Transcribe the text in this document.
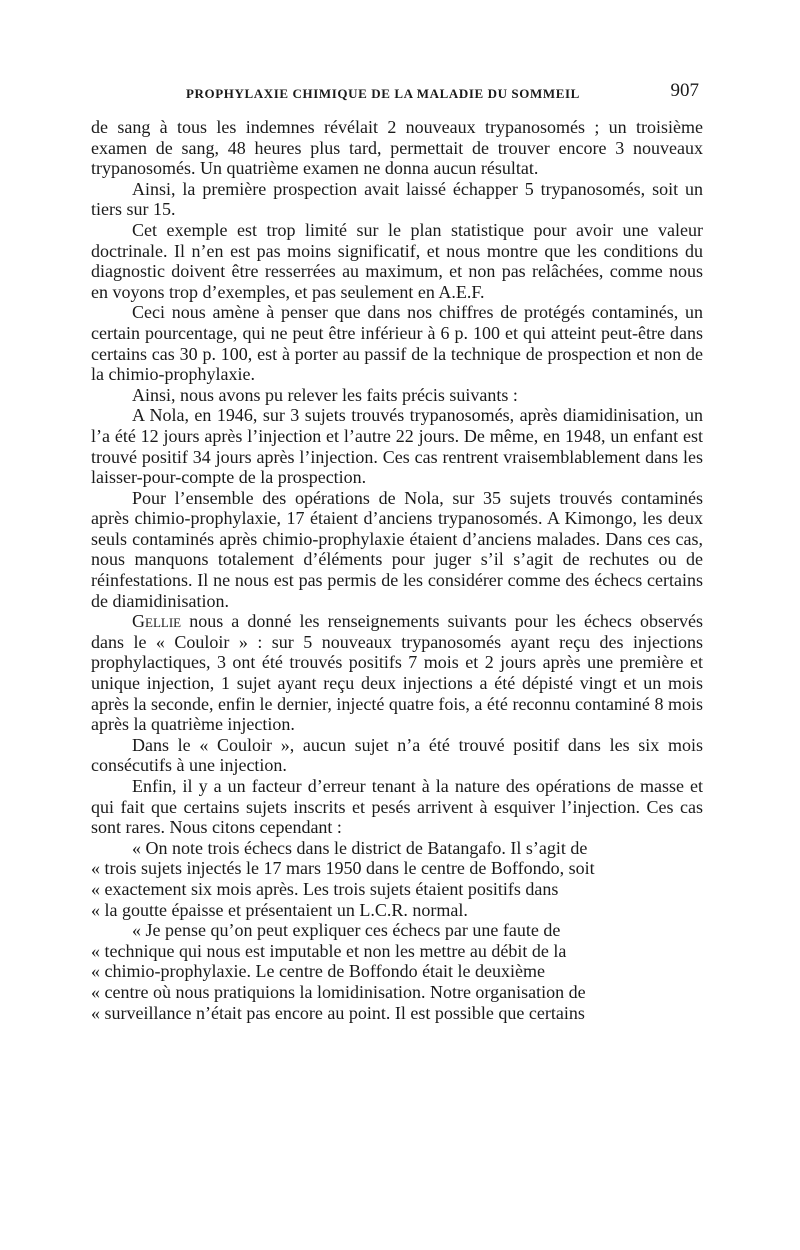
PROPHYLAXIE CHIMIQUE DE LA MALADIE DU SOMMEIL	907

de sang à tous les indemnes révélait 2 nouveaux trypanosomés ; un troisième examen de sang, 48 heures plus tard, permettait de trouver encore 3 nouveaux trypanosomés. Un quatrième examen ne donna aucun résultat.

Ainsi, la première prospection avait laissé échapper 5 trypanosomés, soit un tiers sur 15.

Cet exemple est trop limité sur le plan statistique pour avoir une valeur doctrinale. Il n’en est pas moins significatif, et nous montre que les conditions du diagnostic doivent être resserrées au maximum, et non pas relâchées, comme nous en voyons trop d’exemples, et pas seulement en A.E.F.

Ceci nous amène à penser que dans nos chiffres de protégés contaminés, un certain pourcentage, qui ne peut être inférieur à 6 p. 100 et qui atteint peut-être dans certains cas 30 p. 100, est à porter au passif de la technique de prospection et non de la chimio-prophylaxie.

Ainsi, nous avons pu relever les faits précis suivants :

A Nola, en 1946, sur 3 sujets trouvés trypanosomés, après diamidinisation, un l’a été 12 jours après l’injection et l’autre 22 jours. De même, en 1948, un enfant est trouvé positif 34 jours après l’injection. Ces cas rentrent vraisemblablement dans les laisser-pour-compte de la prospection.

Pour l’ensemble des opérations de Nola, sur 35 sujets trouvés contaminés après chimio-prophylaxie, 17 étaient d’anciens trypanosomés. A Kimongo, les deux seuls contaminés après chimio-prophylaxie étaient d’anciens malades. Dans ces cas, nous manquons totalement d’éléments pour juger s’il s’agit de rechutes ou de réinfestations. Il ne nous est pas permis de les considérer comme des échecs certains de diamidinisation.

Gellie nous a donné les renseignements suivants pour les échecs observés dans le « Couloir » : sur 5 nouveaux trypanosomés ayant reçu des injections prophylactiques, 3 ont été trouvés positifs 7 mois et 2 jours après une première et unique injection, 1 sujet ayant reçu deux injections a été dépisté vingt et un mois après la seconde, enfin le dernier, injecté quatre fois, a été reconnu contaminé 8 mois après la quatrième injection.

Dans le « Couloir », aucun sujet n’a été trouvé positif dans les six mois consécutifs à une injection.

Enfin, il y a un facteur d’erreur tenant à la nature des opérations de masse et qui fait que certains sujets inscrits et pesés arrivent à esquiver l’injection. Ces cas sont rares. Nous citons cependant :

« On note trois échecs dans le district de Batangafo. Il s’agit de

« trois sujets injectés le 17 mars 1950 dans le centre de Boffondo, soit

« exactement six mois après. Les trois sujets étaient positifs dans

« la goutte épaisse et présentaient un L.C.R. normal.

« Je pense qu’on peut expliquer ces échecs par une faute de

« technique qui nous est imputable et non les mettre au débit de la

« chimio-prophylaxie. Le centre de Boffondo était le deuxième

« centre où nous pratiquions la lomidinisation. Notre organisation de

« surveillance n’était pas encore au point. Il est possible que certains
